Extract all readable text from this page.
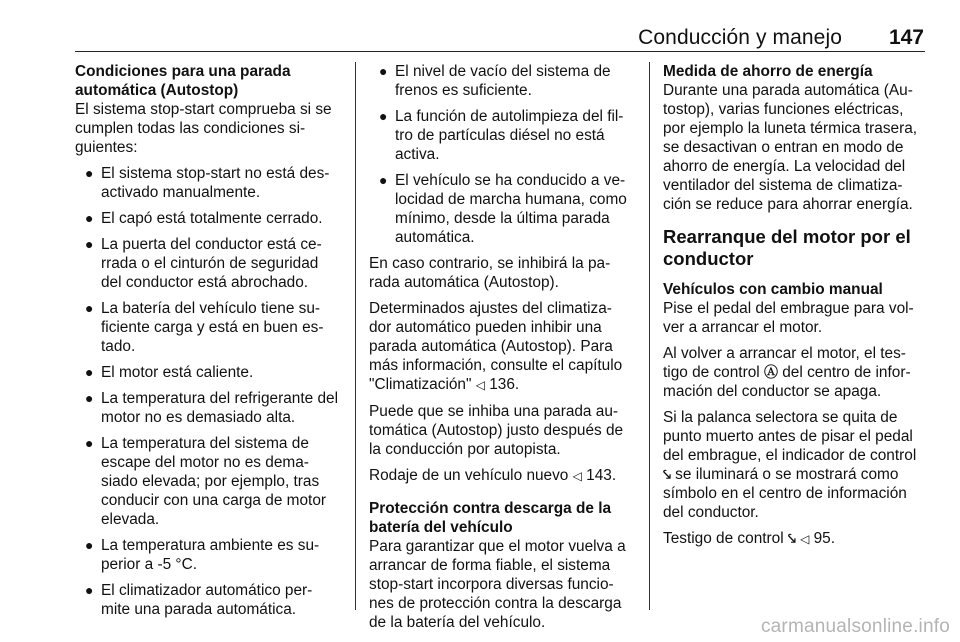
Conducción y manejo 147
Condiciones para una parada
automática (Autostop)

El sistema stop-start comprueba si se cumplen todas las condiciones si- guientes:

● El sistema stop-start no está des- activado manualmente.
● El capó está totalmente cerrado.
● La puerta del conductor está ce- rrada o el cinturón de seguridad del conductor está abrochado.
● La batería del vehículo tiene su- ficiente carga y está en buen es- tado.
● El motor está caliente.
● La temperatura del refrigerante del motor no es demasiado alta.
● La temperatura del sistema de escape del motor no es dema- siado elevada; por ejemplo, tras conducir con una carga de motor elevada.
● La temperatura ambiente es su- perior a -5 °C.
● El climatizador automático per- mite una parada automática.
● El nivel de vacío del sistema de frenos es suficiente.
● La función de autolimpieza del fil- tro de partículas diésel no está activa.
● El vehículo se ha conducido a ve- locidad de marcha humana, como mínimo, desde la última parada automática.

En caso contrario, se inhibirá la pa- rada automática (Autostop).

Determinados ajustes del climatiza- dor automático pueden inhibir una parada automática (Autostop). Para más información, consulte el capítulo "Climatización" ◁ 136.

Puede que se inhiba una parada au- tomática (Autostop) justo después de la conducción por autopista.

Rodaje de un vehículo nuevo ◁ 143.

Protección contra descarga de la
batería del vehículo

Para garantizar que el motor vuelva a arrancar de forma fiable, el sistema stop-start incorpora diversas funcio- nes de protección contra la descarga de la batería del vehículo.

Medida de ahorro de energía

Durante una parada automática (Au- tostop), varias funciones eléctricas, por ejemplo la luneta térmica trasera, se desactivan o entran en modo de ahorro de energía. La velocidad del ventilador del sistema de climatiza- ción se reduce para ahorrar energía.

Rearranque del motor por el conductor
Vehículos con cambio manual

Pise el pedal del embrague para vol- ver a arrancar el motor.

Al volver a arrancar el motor, el tes- tigo de control Ⓐ del centro de infor- mación del conductor se apaga.

Si la palanca selectora se quita de punto muerto antes de pisar el pedal del embrague, el indicador de control ⤥ se iluminará o se mostrará como símbolo en el centro de información del conductor.

Testigo de control ⤥ ◁ 95.

carmanualsonline.info
